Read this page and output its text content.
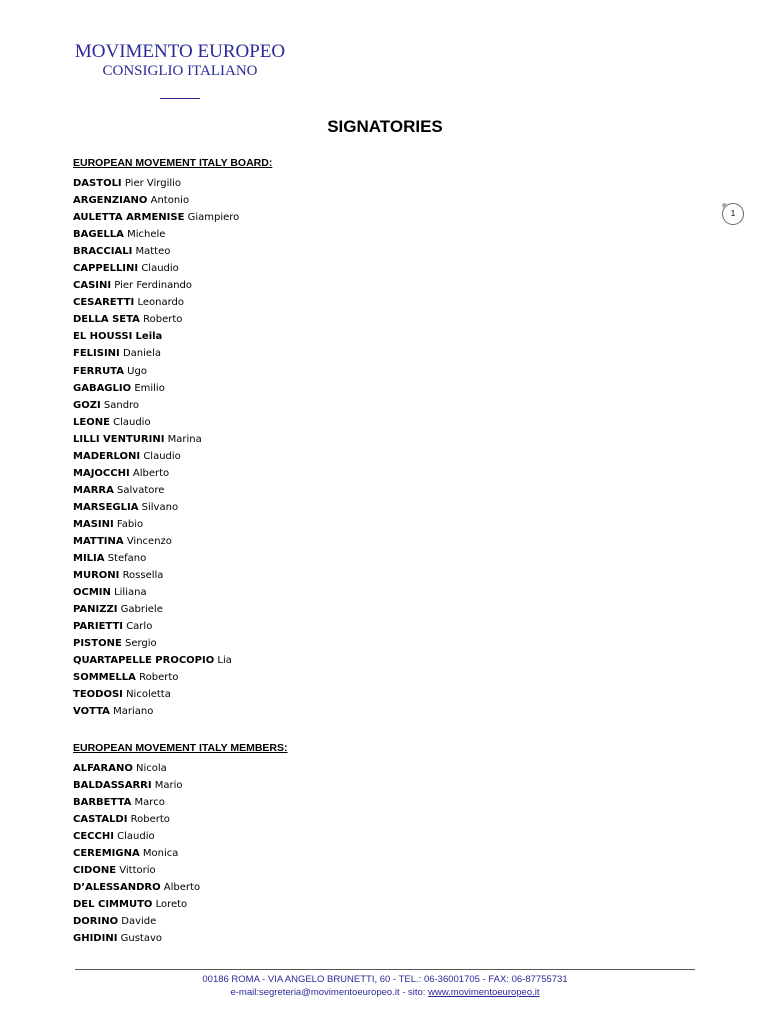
MOVIMENTO EUROPEO
CONSIGLIO ITALIANO
SIGNATORIES
1
EUROPEAN MOVEMENT ITALY BOARD:
DASTOLI Pier Virgilio
ARGENZIANO Antonio
AULETTA ARMENISE Giampiero
BAGELLA Michele
BRACCIALI Matteo
CAPPELLINI Claudio
CASINI Pier Ferdinando
CESARETTI Leonardo
DELLA SETA Roberto
EL HOUSSI Leila
FELISINI Daniela
FERRUTA Ugo
GABAGLIO Emilio
GOZI Sandro
LEONE Claudio
LILLI VENTURINI Marina
MADERLONI Claudio
MAJOCCHI Alberto
MARRA Salvatore
MARSEGLIA Silvano
MASINI Fabio
MATTINA Vincenzo
MILIA Stefano
MURONI Rossella
OCMIN Liliana
PANIZZI Gabriele
PARIETTI Carlo
PISTONE Sergio
QUARTAPELLE PROCOPIO Lia
SOMMELLA Roberto
TEODOSI Nicoletta
VOTTA Mariano
EUROPEAN MOVEMENT ITALY MEMBERS:
ALFARANO Nicola
BALDASSARRI Mario
BARBETTA Marco
CASTALDI Roberto
CECCHI Claudio
CEREMIGNA Monica
CIDONE Vittorio
D’ALESSANDRO Alberto
DEL CIMMUTO Loreto
DORINO Davide
GHIDINI Gustavo
00186 ROMA - VIA ANGELO BRUNETTI, 60 - TEL.: 06-36001705 - FAX: 06-87755731
e-mail:segreteria@movimentoeuropeo.it - sito: www.movimentoeuropeo.it
